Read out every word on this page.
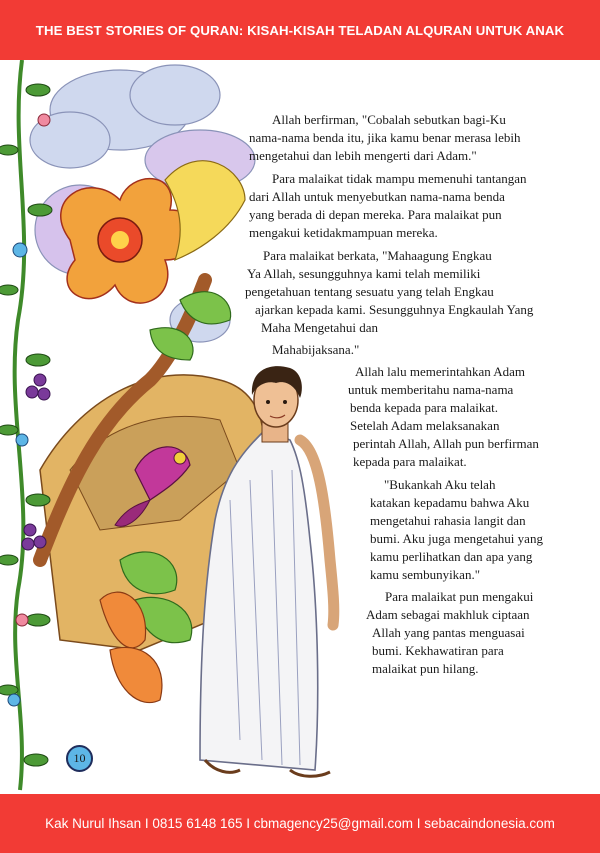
THE BEST STORIES OF QURAN: KISAH-KISAH TELADAN ALQURAN UNTUK ANAK
10
Allah berfirman, "Cobalah sebutkan bagi-Ku
nama-nama benda itu, jika kamu benar merasa lebih
mengetahui dan lebih mengerti dari Adam."
Para malaikat tidak mampu memenuhi tantangan
dari Allah untuk menyebutkan nama-nama benda
yang berada di depan mereka. Para malaikat pun
mengakui ketidakmampuan mereka.
Para malaikat berkata, "Mahaagung Engkau
Ya Allah, sesungguhnya kami telah memiliki
pengetahuan tentang sesuatu yang telah Engkau
ajarkan kepada kami. Sesungguhnya Engkaulah Yang
Maha Mengetahui dan
Mahabijaksana."
Allah lalu memerintahkan Adam
untuk memberitahu nama-nama
benda kepada para malaikat.
Setelah Adam melaksanakan
perintah Allah, Allah pun berfirman
kepada para malaikat.
"Bukankah Aku telah
katakan kepadamu bahwa Aku
mengetahui rahasia langit dan
bumi. Aku juga mengetahui yang
kamu perlihatkan dan apa yang
kamu sembunyikan."
Para malaikat pun mengakui
Adam sebagai makhluk ciptaan
Allah yang pantas menguasai
bumi. Kekhawatiran para
malaikat pun hilang.
Kak Nurul Ihsan I 0815 6148 165 I cbmagency25@gmail.com I sebacaindonesia.com
